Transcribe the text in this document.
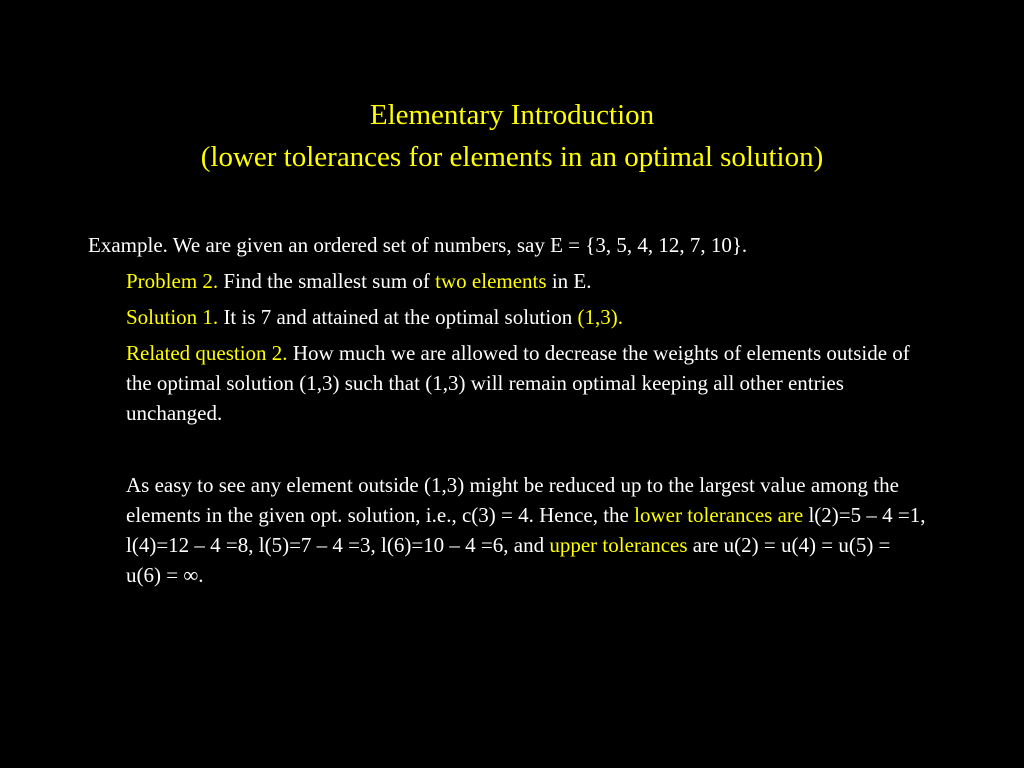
Elementary Introduction
(lower tolerances for elements in an optimal solution)

Example. We are given an ordered set of numbers, say E = {3, 5, 4, 12, 7, 10}.

Problem 2. Find the smallest sum of two elements in E.

Solution 1. It is 7 and attained at the optimal solution (1,3).

Related question 2. How much we are allowed to decrease the weights of elements outside of the optimal solution (1,3) such that (1,3) will remain optimal keeping all other entries unchanged.

As easy to see any element outside (1,3) might be reduced up to the largest value among the elements in the given opt. solution, i.e., c(3) = 4. Hence, the lower tolerances are l(2)=5 – 4 =1, l(4)=12 – 4 =8, l(5)=7 – 4 =3, l(6)=10 – 4 =6, and upper tolerances are u(2) = u(4) = u(5) = u(6) = ∞.
